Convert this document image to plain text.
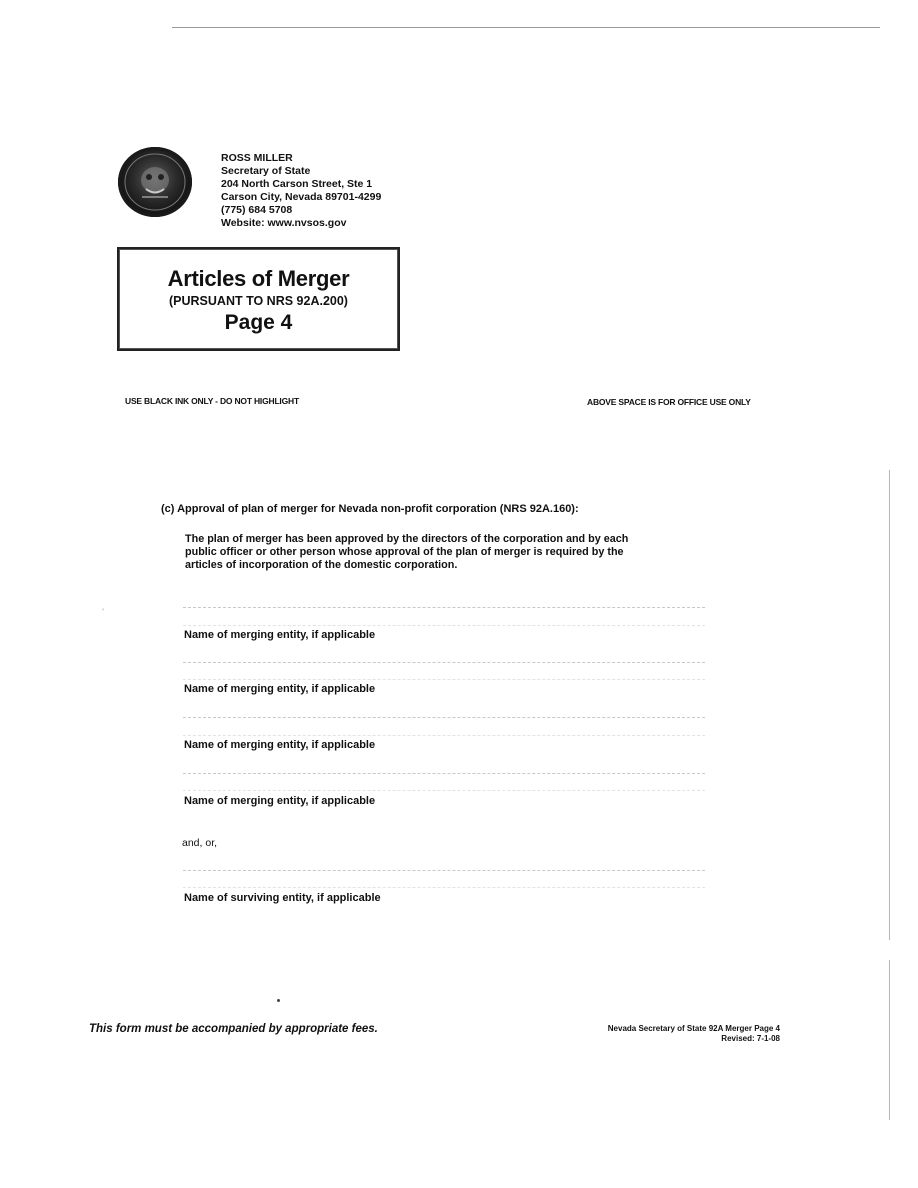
ROSS MILLER
Secretary of State
204 North Carson Street, Ste 1
Carson City, Nevada 89701-4299
(775) 684 5708
Website: www.nvsos.gov
Articles of Merger
(PURSUANT TO NRS 92A.200)
Page 4
USE BLACK INK ONLY - DO NOT HIGHLIGHT	ABOVE SPACE IS FOR OFFICE USE ONLY
(c) Approval of plan of merger for Nevada non-profit corporation (NRS 92A.160):
The plan of merger has been approved by the directors of the corporation and by each
public officer or other person whose approval of the plan of merger is required by the
articles of incorporation of the domestic corporation.
’
Name of merging entity, if applicable
Name of merging entity, if applicable
Name of merging entity, if applicable
Name of merging entity, if applicable
and, or,
Name of surviving entity, if applicable
This form must be accompanied by appropriate fees.	Nevada Secretary of State 92A Merger Page 4
Revised: 7-1-08
